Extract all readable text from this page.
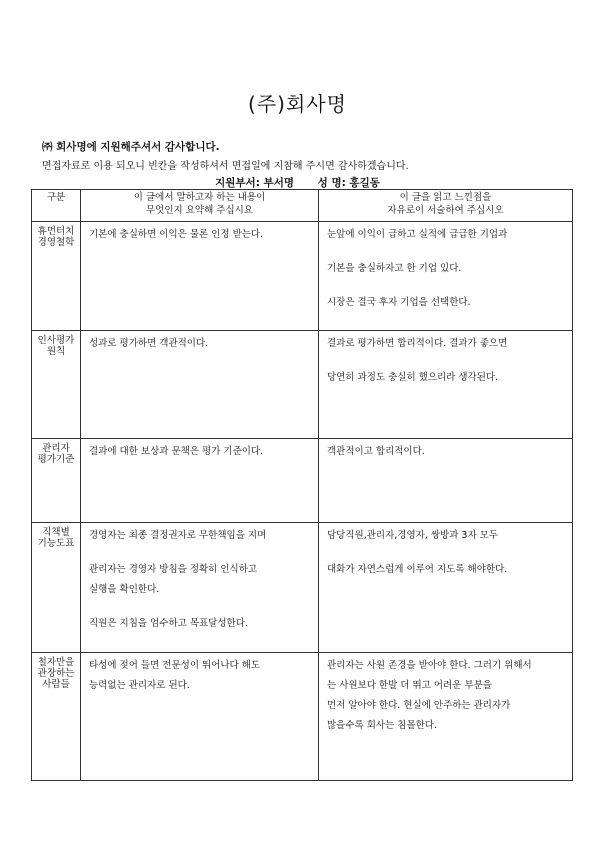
(주)회사명
㈜ 회사명에 지원해주셔서 감사합니다.
면접자료로 이용 되오니 빈칸을 작성하셔서 면접일에 지참해 주시면 감사하겠습니다.
지원부서: 부서명 성 명: 홍길동
구분	이 글에서 말하고자 하는 내용이
무엇인지 요약해 주십시요	이 글을 읽고 느낀점을
자유로이 서술하여 주십시오
휴먼터치
경영철학	기본에 충실하면 이익은 물론 인정 받는다.	눈앞에 이익이 급하고 실적에 급급한 기업과
기본을 충실하자고 한 기업 있다.
시장은 결국 후자 기업을 선택한다.

인사평가
원칙	성과로 평가하면 객관적이다.	결과로 평가하면 합리적이다. 결과가 좋으면
당연히 과정도 충실히 했으리라 생각된다.

관리자
평가기준	결과에 대한 보상과 문책은 평가 기준이다.	객관적이고 합리적이다.

직책별
기능도표	경영자는 최종 결정권자로 무한책임을 지며
관리자는 경영자 방침을 정확히 인식하고
실행을 확인한다.
직원은 지침을 엄수하고 목표달성한다.	담당직원,관리자,경영자, 쌍방과 3자 모두
대화가 자연스럽게 이루어 지도록 해야한다.

철자만을
관장하는
사람들	타성에 젖어 들면 전문성이 뛰어나다 해도
능력없는 관리자로 된다.	관리자는 사원 존경을 받아야 한다. 그러기 위해서
는 사원보다 한발 더 뛰고 어려운 부분을
먼저 알아야 한다. 현실에 안주하는 관리자가
많을수록 회사는 침몰한다.
